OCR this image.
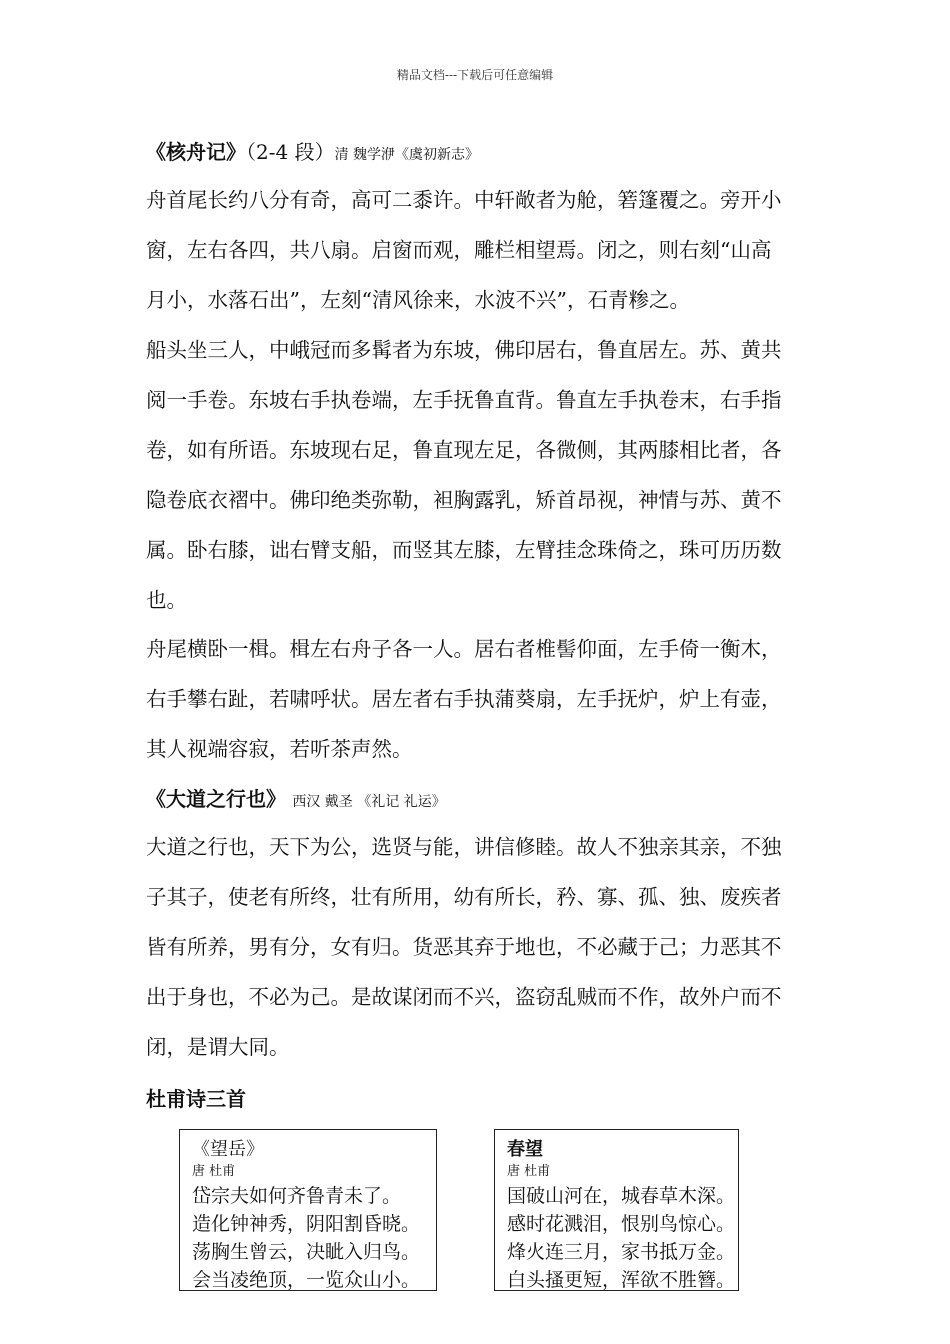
精品文档---下载后可任意编辑
《核舟记》（2-4 段）清 魏学洢《虞初新志》
舟首尾长约八分有奇，高可二黍许。中轩敞者为舱，箬篷覆之。旁开小
窗，左右各四，共八扇。启窗而观，雕栏相望焉。闭之，则右刻“山高
月小，水落石出”，左刻“清风徐来，水波不兴”，石青糁之。
船头坐三人，中峨冠而多髯者为东坡，佛印居右，鲁直居左。苏、黄共
阅一手卷。东坡右手执卷端，左手抚鲁直背。鲁直左手执卷末，右手指
卷，如有所语。东坡现右足，鲁直现左足，各微侧，其两膝相比者，各
隐卷底衣褶中。佛印绝类弥勒，袒胸露乳，矫首昂视，神情与苏、黄不
属。卧右膝，诎右臂支船，而竖其左膝，左臂挂念珠倚之，珠可历历数
也。
舟尾横卧一楫。楫左右舟子各一人。居右者椎髻仰面，左手倚一衡木，
右手攀右趾，若啸呼状。居左者右手执蒲葵扇，左手抚炉，炉上有壶，
其人视端容寂，若听茶声然。
《大道之行也》 西汉 戴圣 《礼记 礼运》
大道之行也，天下为公，选贤与能，讲信修睦。故人不独亲其亲，不独
子其子，使老有所终，壮有所用，幼有所长，矜、寡、孤、独、废疾者
皆有所养，男有分，女有归。货恶其弃于地也，不必藏于己；力恶其不
出于身也，不必为己。是故谋闭而不兴，盗窃乱贼而不作，故外户而不
闭，是谓大同。
杜甫诗三首
《望岳》
唐 杜甫
岱宗夫如何齐鲁青未了。
造化钟神秀，阴阳割昏晓。
荡胸生曾云，决眦入归鸟。
会当凌绝顶，一览众山小。
春望
唐 杜甫
国破山河在，城春草木深。
感时花溅泪，恨别鸟惊心。
烽火连三月，家书抵万金。
白头搔更短，浑欲不胜簪。
